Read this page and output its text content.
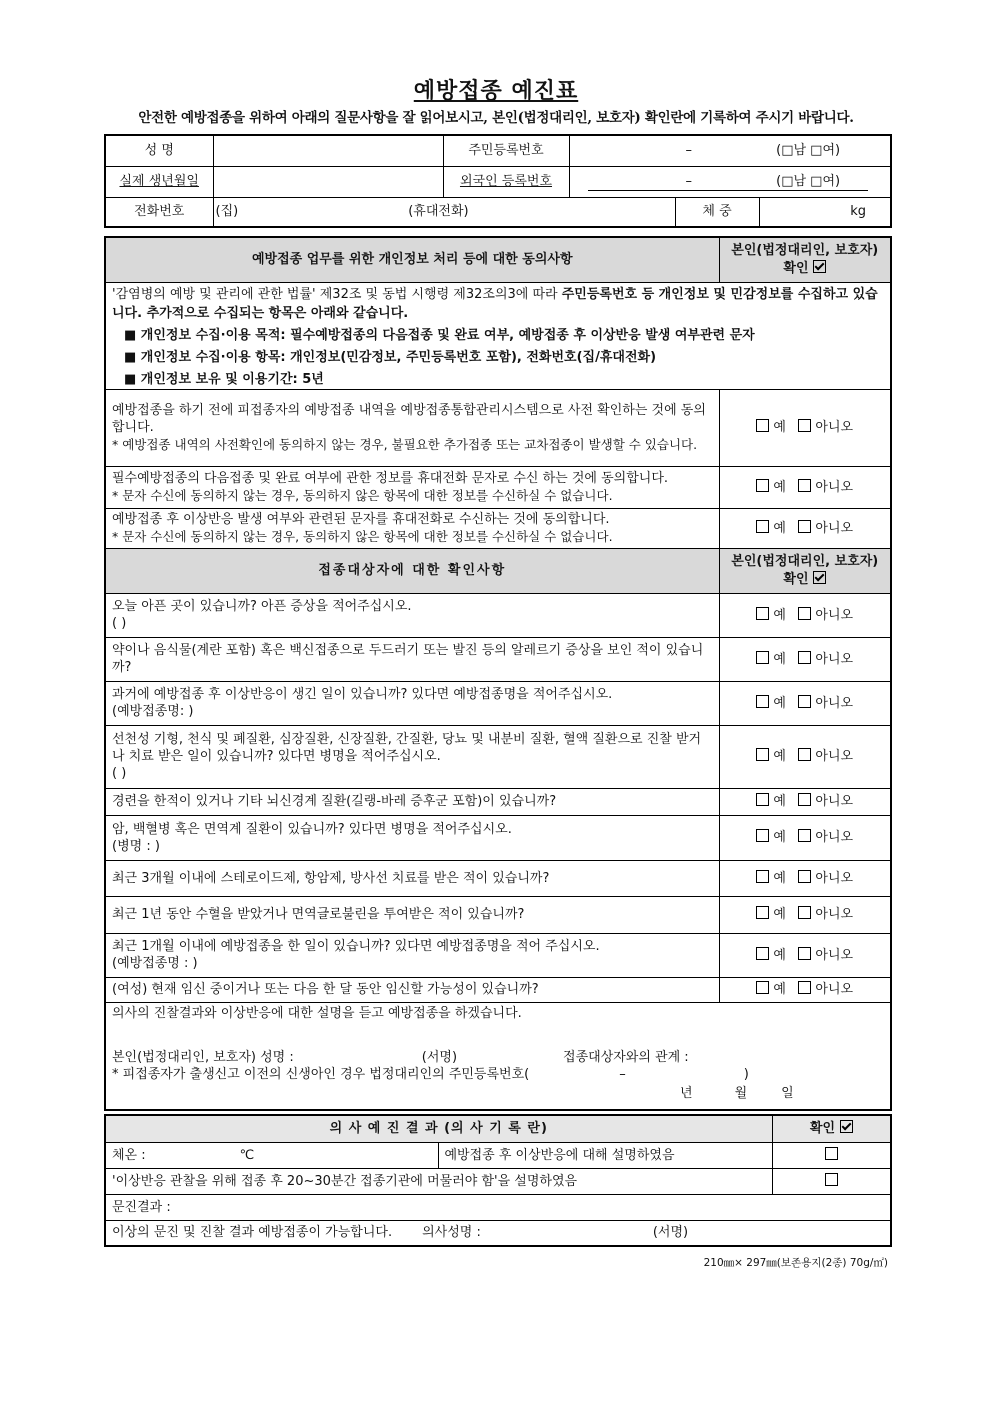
예방접종 예진표
안전한 예방접종을 위하여 아래의 질문사항을 잘 읽어보시고, 본인(법정대리인, 보호자) 확인란에 기록하여 주시기 바랍니다.
성 명		주민등록번호	– (□남 □여)		
실제 생년월일		외국인 등록번호	– (□남 □여)		
전화번호	(집) (휴대전화)			체 중	kg
예방접종 업무를 위한 개인정보 처리 등에 대한 동의사항	본인(법정대리인, 보호자)
확인
'감염병의 예방 및 관리에 관한 법률' 제32조 및 동법 시행령 제32조의3에 따라 주민등록번호 등 개인정보 및 민감정보를 수집하고 있습니다. 추가적으로 수집되는 항목은 아래와 같습니다.
■ 개인정보 수집·이용 목적: 필수예방접종의 다음접종 및 완료 여부, 예방접종 후 이상반응 발생 여부관련 문자
■ 개인정보 수집·이용 항목: 개인정보(민감정보, 주민등록번호 포함), 전화번호(집/휴대전화)
■ 개인정보 보유 및 이용기간: 5년	

예방접종을 하기 전에 피접종자의 예방접종 내역을 예방접종통합관리시스템으로 사전 확인하는 것에 동의합니다.
* 예방접종 내역의 사전확인에 동의하지 않는 경우, 불필요한 추가접종 또는 교차접종이 발생할 수 있습니다.	예 아니오

필수예방접종의 다음접종 및 완료 여부에 관한 정보를 휴대전화 문자로 수신 하는 것에 동의합니다.
* 문자 수신에 동의하지 않는 경우, 동의하지 않은 항목에 대한 정보를 수신하실 수 없습니다.	예 아니오

예방접종 후 이상반응 발생 여부와 관련된 문자를 휴대전화로 수신하는 것에 동의합니다.
* 문자 수신에 동의하지 않는 경우, 동의하지 않은 항목에 대한 정보를 수신하실 수 없습니다.	예 아니오
접종대상자에 대한 확인사항	본인(법정대리인, 보호자)
확인

오늘 아픈 곳이 있습니까? 아픈 증상을 적어주십시오.
( )	예 아니오

약이나 음식물(계란 포함) 혹은 백신접종으로 두드러기 또는 발진 등의 알레르기 증상을 보인 적이 있습니까?	예 아니오

과거에 예방접종 후 이상반응이 생긴 일이 있습니까? 있다면 예방접종명을 적어주십시오.
(예방접종명: )	예 아니오

선천성 기형, 천식 및 폐질환, 심장질환, 신장질환, 간질환, 당뇨 및 내분비 질환, 혈액 질환으로 진찰 받거나 치료 받은 일이 있습니까? 있다면 병명을 적어주십시오.
( )	예 아니오

경련을 한적이 있거나 기타 뇌신경계 질환(길랭-바레 증후군 포함)이 있습니까?	예 아니오

암, 백혈병 혹은 면역계 질환이 있습니까? 있다면 병명을 적어주십시오.
(병명 : )	예 아니오

최근 3개월 이내에 스테로이드제, 항암제, 방사선 치료를 받은 적이 있습니까?	예 아니오

최근 1년 동안 수혈을 받았거나 면역글로불린을 투여받은 적이 있습니까?	예 아니오

최근 1개월 이내에 예방접종을 한 일이 있습니까? 있다면 예방접종명을 적어 주십시오.
(예방접종명 : )	예 아니오

(여성) 현재 임신 중이거나 또는 다음 한 달 동안 임신할 가능성이 있습니까?	예 아니오

의사의 진찰결과와 이상반응에 대한 설명을 듣고 예방접종을 하겠습니다.
본인(법정대리인, 보호자) 성명 : (서명) 접종대상자와의 관계 :
* 피접종자가 출생신고 이전의 신생아인 경우 법정대리인의 주민등록번호( – )
년 월 일	
의 사 예 진 결 과 (의 사 기 록 란)		확인
체온 : ℃	예방접종 후 이상반응에 대해 설명하였음	
'이상반응 관찰을 위해 접종 후 20~30분간 접종기관에 머물러야 함'을 설명하였음		
문진결과 :		
이상의 문진 및 진찰 결과 예방접종이 가능합니다. 의사성명 : (서명)		
210㎜× 297㎜(보존용지(2종) 70g/㎡)
